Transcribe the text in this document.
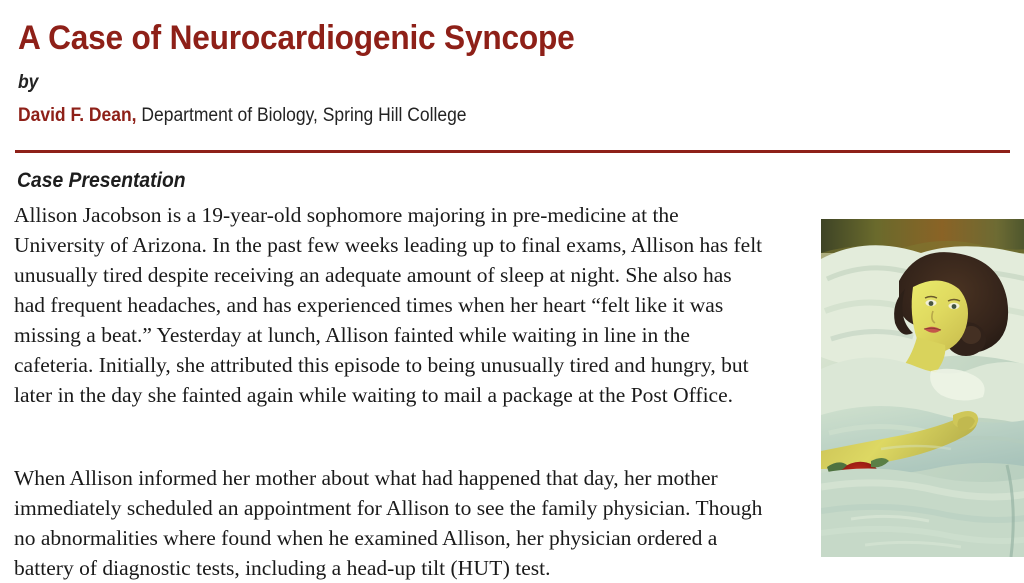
A Case of Neurocardiogenic Syncope
by
David F. Dean, Department of Biology, Spring Hill College
Case Presentation

Allison Jacobson is a 19-year-old sophomore majoring in pre-medicine at the University of Arizona. In the past few weeks leading up to final exams, Allison has felt unusually tired despite receiving an adequate amount of sleep at night. She also has had frequent headaches, and has experienced times when her heart “felt like it was missing a beat.” Yesterday at lunch, Allison fainted while waiting in line in the cafeteria. Initially, she attributed this episode to being unusually tired and hungry, but later in the day she fainted again while waiting to mail a package at the Post Office.

When Allison informed her mother about what had happened that day, her mother immediately scheduled an appointment for Allison to see the family physician. Though no abnormalities where found when he examined Allison, her physician ordered a battery of diagnostic tests, including a head-up tilt (HUT) test.
